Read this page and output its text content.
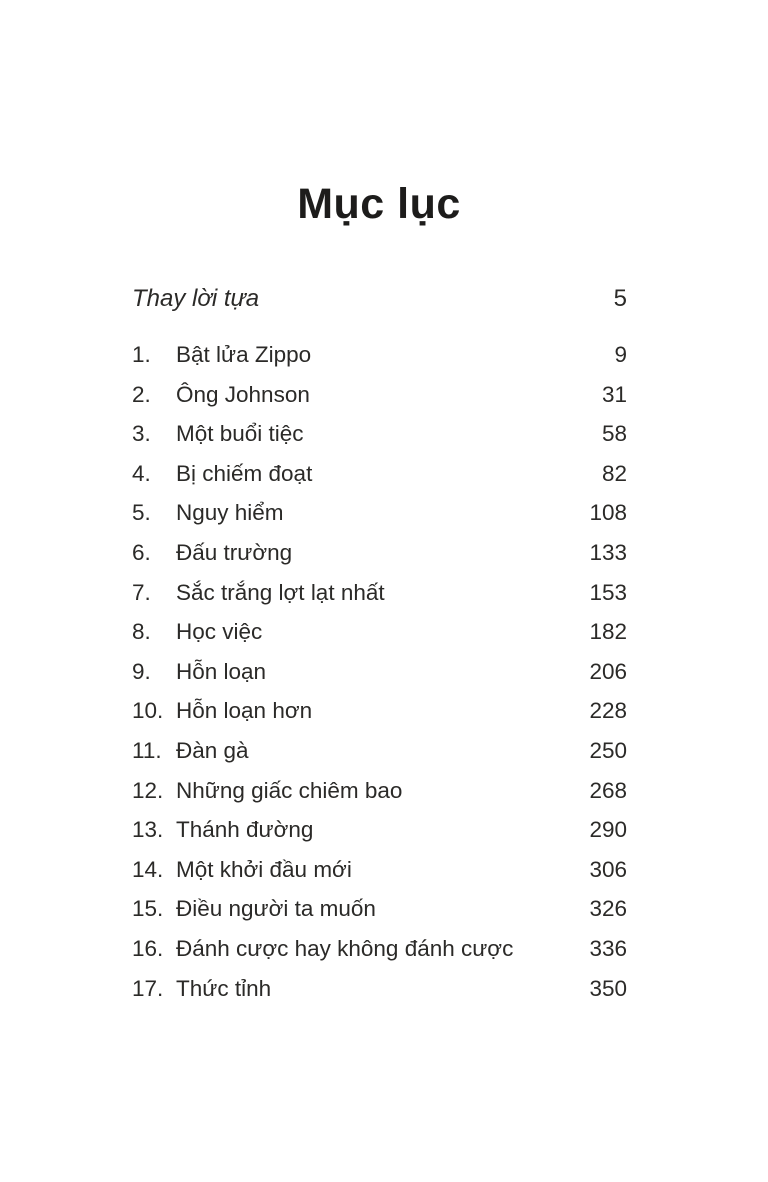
Mục lục
Thay lời tựa	5
1.	Bật lửa Zippo	9
2.	Ông Johnson	31
3.	Một buổi tiệc	58
4.	Bị chiếm đoạt	82
5.	Nguy hiểm	108
6.	Đấu trường	133
7.	Sắc trắng lợt lạt nhất	153
8.	Học việc	182
9.	Hỗn loạn	206
10. Hỗn loạn hơn	228
11. Đàn gà	250
12. Những giấc chiêm bao	268
13. Thánh đường	290
14. Một khởi đầu mới	306
15. Điều người ta muốn	326
16. Đánh cược hay không đánh cược	336
17. Thức tỉnh	350
